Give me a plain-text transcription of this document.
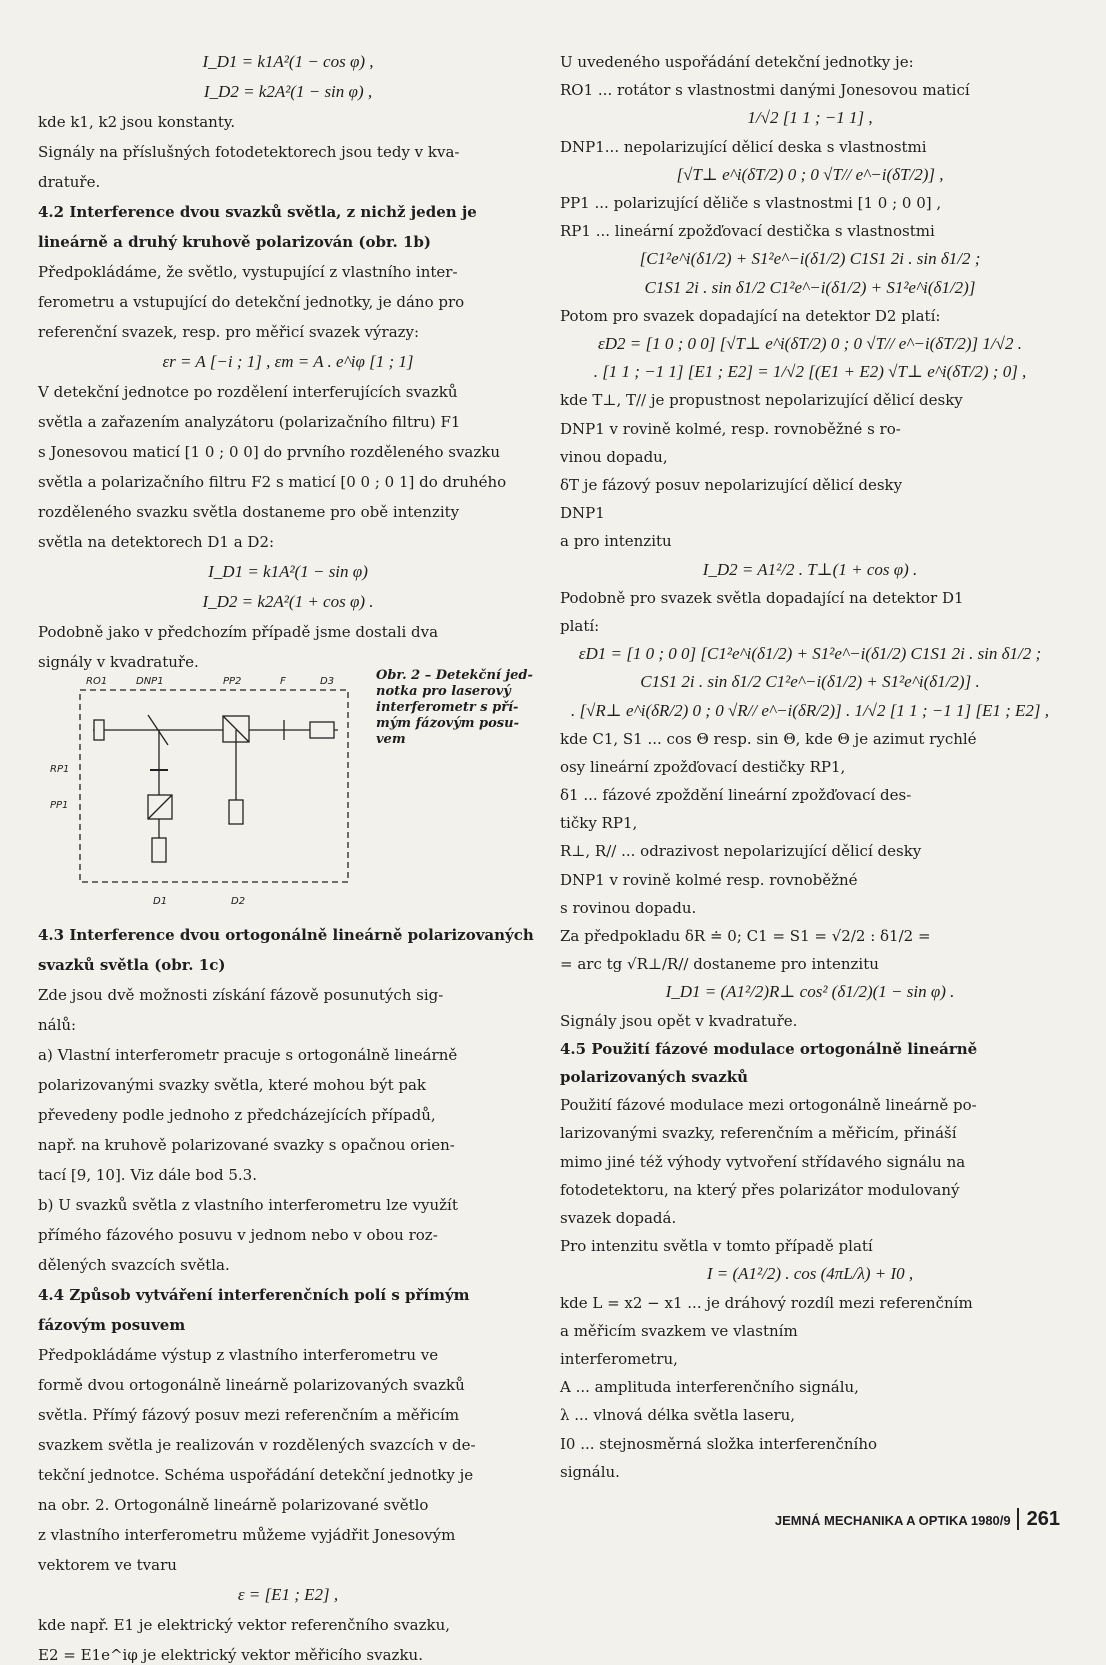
I_D1 = k1A²(1 − cos φ) ,
I_D2 = k2A²(1 − sin φ) ,
kde k1, k2 jsou konstanty.
Signály na příslušných fotodetektorech jsou tedy v kva-
dratuře.
4.2 Interference dvou svazků světla, z nichž jeden je
lineárně a druhý kruhově polarizován (obr. 1b)
Předpokládáme, že světlo, vystupující z vlastního inter-
ferometru a vstupující do detekční jednotky, je dáno pro
referenční svazek, resp. pro měřicí svazek výrazy:
εr = A [−i ; 1] , εm = A . e^iφ [1 ; 1]
V detekční jednotce po rozdělení interferujících svazků
světla a zařazením analyzátoru (polarizačního filtru) F1
s Jonesovou maticí [1 0 ; 0 0] do prvního rozděleného svazku
světla a polarizačního filtru F2 s maticí [0 0 ; 0 1] do druhého
rozděleného svazku světla dostaneme pro obě intenzity
světla na detektorech D1 a D2:
I_D1 = k1A²(1 − sin φ)
I_D2 = k2A²(1 + cos φ) .
Podobně jako v předchozím případě jsme dostali dva
signály v kvadratuře.
4.3 Interference dvou ortogonálně lineárně polarizovaných
svazků světla (obr. 1c)
Zde jsou dvě možnosti získání fázově posunutých sig-
nálů:
a) Vlastní interferometr pracuje s ortogonálně lineárně
polarizovanými svazky světla, které mohou být pak
převedeny podle jednoho z předcházejících případů,
např. na kruhově polarizované svazky s opačnou orien-
tací [9, 10]. Viz dále bod 5.3.
b) U svazků světla z vlastního interferometru lze využít
přímého fázového posuvu v jednom nebo v obou roz-
dělených svazcích světla.
4.4 Způsob vytváření interferenčních polí s přímým
fázovým posuvem
Předpokládáme výstup z vlastního interferometru ve
formě dvou ortogonálně lineárně polarizovaných svazků
světla. Přímý fázový posuv mezi referenčním a měřicím
svazkem světla je realizován v rozdělených svazcích v de-
tekční jednotce. Schéma uspořádání detekční jednotky je
na obr. 2. Ortogonálně lineárně polarizované světlo
z vlastního interferometru můžeme vyjádřit Jonesovým
vektorem ve tvaru
ε = [E1 ; E2] ,
kde např. E1 je elektrický vektor referenčního svazku,
E2 = E1e^iφ je elektrický vektor měřicího svazku.
U uvedeného uspořádání detekční jednotky je:
RO1 ... rotátor s vlastnostmi danými Jonesovou maticí
1/√2 [1 1 ; −1 1] ,
DNP1... nepolarizující dělicí deska s vlastnostmi
[√T⊥ e^i(δT/2) 0 ; 0 √T// e^−i(δT/2)] ,
PP1 ... polarizující děliče s vlastnostmi [1 0 ; 0 0] ,
RP1 ... lineární zpožďovací destička s vlastnostmi
[C1²e^i(δ1/2) + S1²e^−i(δ1/2) C1S1 2i . sin δ1/2 ;
C1S1 2i . sin δ1/2 C1²e^−i(δ1/2) + S1²e^i(δ1/2)]
Potom pro svazek dopadající na detektor D2 platí:
εD2 = [1 0 ; 0 0] [√T⊥ e^i(δT/2) 0 ; 0 √T// e^−i(δT/2)] 1/√2 .
. [1 1 ; −1 1] [E1 ; E2] = 1/√2 [(E1 + E2) √T⊥ e^i(δT/2) ; 0] ,
kde T⊥, T// je propustnost nepolarizující dělicí desky
DNP1 v rovině kolmé, resp. rovnoběžné s ro-
vinou dopadu,
δT je fázový posuv nepolarizující dělicí desky
DNP1
a pro intenzitu
I_D2 = A1²/2 . T⊥(1 + cos φ) .
Podobně pro svazek světla dopadající na detektor D1
platí:
εD1 = [1 0 ; 0 0] [C1²e^i(δ1/2) + S1²e^−i(δ1/2) C1S1 2i . sin δ1/2 ;
C1S1 2i . sin δ1/2 C1²e^−i(δ1/2) + S1²e^i(δ1/2)] .
. [√R⊥ e^i(δR/2) 0 ; 0 √R// e^−i(δR/2)] . 1/√2 [1 1 ; −1 1] [E1 ; E2] ,
kde C1, S1 ... cos Θ resp. sin Θ, kde Θ je azimut rychlé
osy lineární zpožďovací destičky RP1,
δ1 ... fázové zpoždění lineární zpožďovací des-
tičky RP1,
R⊥, R// ... odrazivost nepolarizující dělicí desky
DNP1 v rovině kolmé resp. rovnoběžné
s rovinou dopadu.
Za předpokladu δR ≐ 0; C1 = S1 = √2/2 : δ1/2 =
= arc tg √R⊥/R// dostaneme pro intenzitu
I_D1 = (A1²/2)R⊥ cos² (δ1/2)(1 − sin φ) .
Signály jsou opět v kvadratuře.
4.5 Použití fázové modulace ortogonálně lineárně
polarizovaných svazků
Použití fázové modulace mezi ortogonálně lineárně po-
larizovanými svazky, referenčním a měřicím, přináší
mimo jiné též výhody vytvoření střídavého signálu na
fotodetektoru, na který přes polarizátor modulovaný
svazek dopadá.
Pro intenzitu světla v tomto případě platí
I = (A1²/2) . cos (4πL/λ) + I0 ,
kde L = x2 − x1 ... je dráhový rozdíl mezi referenčním
a měřicím svazkem ve vlastním
interferometru,
A ... amplituda interferenčního signálu,
λ ... vlnová délka světla laseru,
I0 ... stejnosměrná složka interferenčního
signálu.
RO1	DNP1	PP2	F	D3
RP1
PP1
D1	D2
Obr. 2 – Detekční jed-
notka pro laserový
interferometr s pří-
mým fázovým posu-
vem
JEMNÁ MECHANIKA A OPTIKA 1980/9 261
